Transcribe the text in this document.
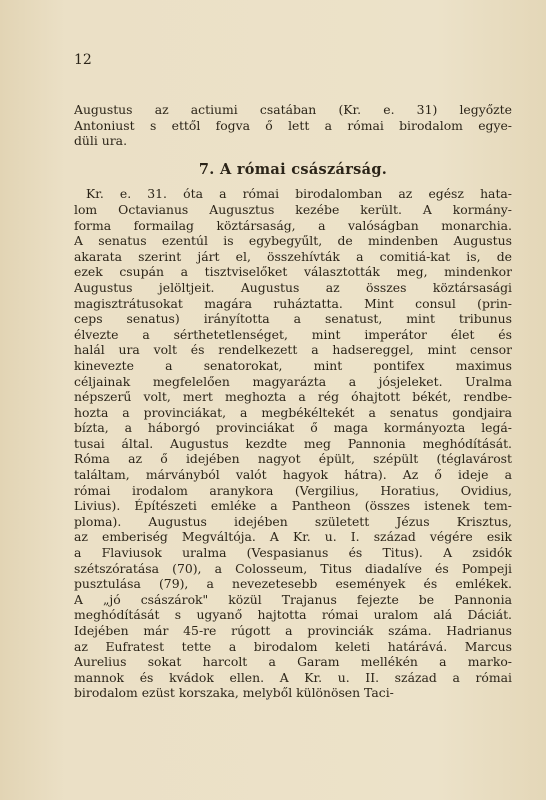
12
Augustus az actiumi csatában (Kr. e. 31) legyőzte
Antoniust s ettől fogva ő lett a római birodalom egye-
düli ura.
7. A római császárság.
Kr. e. 31. óta a római birodalomban az egész hata-
lom Octavianus Augusztus kezébe került. A kormány-
forma formailag köztársaság, a valóságban monarchia.
A senatus ezentúl is egybegyűlt, de mindenben Augustus
akarata szerint járt el, összehívták a comitiá-kat is, de
ezek csupán a tisztviselőket választották meg, mindenkor
Augustus jelöltjeit. Augustus az összes köztársasági
magisztrátusokat magára ruháztatta. Mint consul (prin-
ceps senatus) irányította a senatust, mint tribunus
élvezte a sérthetetlenséget, mint imperátor élet és
halál ura volt és rendelkezett a hadsereggel, mint censor
kinevezte a senatorokat, mint pontifex maximus
céljainak megfelelően magyarázta a jósjeleket. Uralma
népszerű volt, mert meghozta a rég óhajtott békét, rendbe-
hozta a provinciákat, a megbékéltekét a senatus gondjaira
bízta, a háborgó provinciákat ő maga kormányozta legá-
tusai által. Augustus kezdte meg Pannonia meghódítását.
Róma az ő idejében nagyot épült, szépült (téglavárost
találtam, márványból valót hagyok hátra). Az ő ideje a
római irodalom aranykora (Vergilius, Horatius, Ovidius,
Livius). Építészeti emléke a Pantheon (összes istenek tem-
ploma). Augustus idejében született Jézus Krisztus,
az emberiség Megváltója. A Kr. u. I. század végére esik
a Flaviusok uralma (Vespasianus és Titus). A zsidók
szétszóratása (70), a Colosseum, Titus diadalíve és Pompeji
pusztulása (79), a nevezetesebb események és emlékek.
A „jó császárok" közül Trajanus fejezte be Pannonia
meghódítását s ugyanő hajtotta római uralom alá Dáciát.
Idejében már 45-re rúgott a provinciák száma. Hadrianus
az Eufratest tette a birodalom keleti határává. Marcus
Aurelius sokat harcolt a Garam mellékén a marko-
mannok és kvádok ellen. A Kr. u. II. század a római
birodalom ezüst korszaka, melyből különösen Taci-
